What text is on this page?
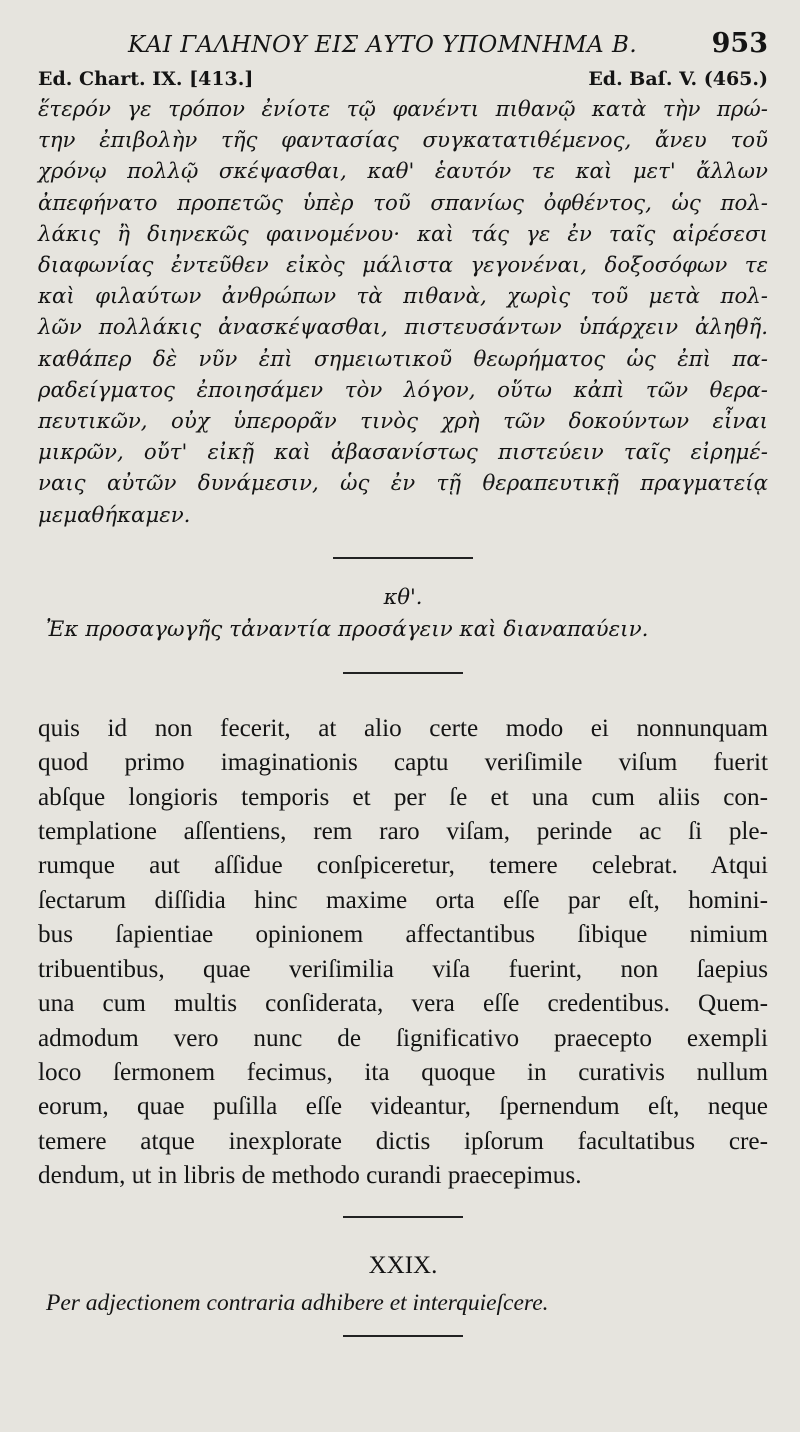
ΚΑΙ ΓΑΛΗΝΟΥ ΕΙΣ ΑΥΤΟ ΥΠΟΜΝΗΜΑ Β.	953
Ed. Chart. IX. [413.]	Ed. Baſ. V. (465.)
ἕτερόν γε τρόπον ἐνίοτε τῷ φανέντι πιθανῷ κατὰ τὴν πρώ-
την ἐπιβολὴν τῆς φαντασίας συγκατατιθέμενος, ἄνευ τοῦ
χρόνῳ πολλῷ σκέψασθαι, καθ' ἑαυτόν τε καὶ μετ' ἄλλων
ἀπεφήνατο προπετῶς ὑπὲρ τοῦ σπανίως ὀφθέντος, ὡς πολ-
λάκις ἢ διηνεκῶς φαινομένου· καὶ τάς γε ἐν ταῖς αἱρέσεσι
διαφωνίας ἐντεῦθεν εἰκὸς μάλιστα γεγονέναι, δοξοσόφων τε
καὶ φιλαύτων ἀνθρώπων τὰ πιθανὰ, χωρὶς τοῦ μετὰ πολ-
λῶν πολλάκις ἀνασκέψασθαι, πιστευσάντων ὑπάρχειν ἀληθῆ.
καθάπερ δὲ νῦν ἐπὶ σημειωτικοῦ θεωρήματος ὡς ἐπὶ πα-
ραδείγματος ἐποιησάμεν τὸν λόγον, οὕτω κἀπὶ τῶν θερα-
πευτικῶν, οὐχ ὑπερορᾶν τινὸς χρὴ τῶν δοκούντων εἶναι
μικρῶν, οὔτ' εἰκῇ καὶ ἀβασανίστως πιστεύειν ταῖς εἰρημέ-
ναις αὐτῶν δυνάμεσιν, ὡς ἐν τῇ θεραπευτικῇ πραγματείᾳ
μεμαθήκαμεν.
κθ'.
Ἐκ προσαγωγῆς τἀναντία προσάγειν καὶ διαναπαύειν.
quis id non fecerit, at alio certe modo ei nonnunquam
quod primo imaginationis captu veriſimile viſum fuerit
abſque longioris temporis et per ſe et una cum aliis con-
templatione aſſentiens, rem raro viſam, perinde ac ſi ple-
rumque aut aſſidue conſpiceretur, temere celebrat. Atqui
ſectarum diſſidia hinc maxime orta eſſe par eſt, homini-
bus ſapientiae opinionem affectantibus ſibique nimium
tribuentibus, quae veriſimilia viſa fuerint, non ſaepius
una cum multis conſiderata, vera eſſe credentibus. Quem-
admodum vero nunc de ſignificativo praecepto exempli
loco ſermonem fecimus, ita quoque in curativis nullum
eorum, quae puſilla eſſe videantur, ſpernendum eſt, neque
temere atque inexplorate dictis ipſorum facultatibus cre-
dendum, ut in libris de methodo curandi praecepimus.
XXIX.
Per adjectionem contraria adhibere et interquieſcere.
